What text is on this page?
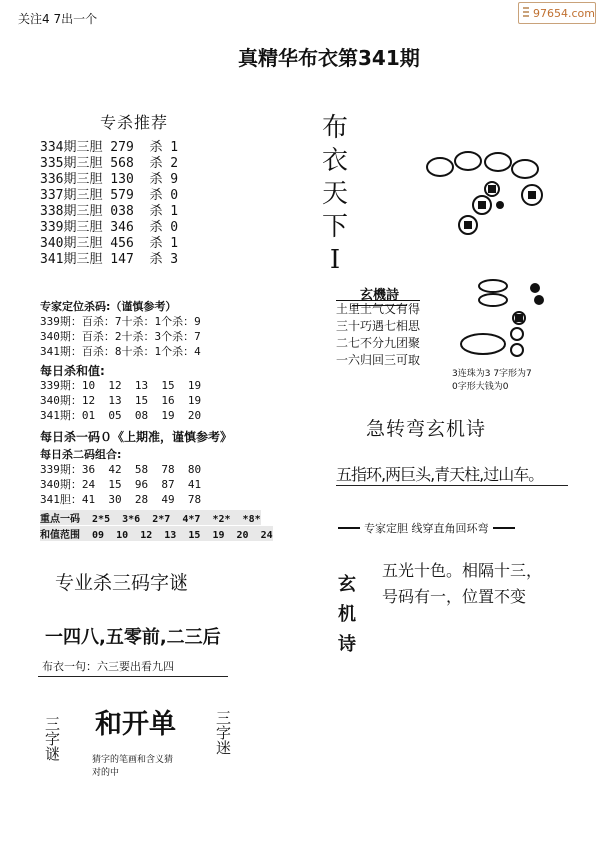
关注4 7出一个	97654.com
真精华布衣第341期
专杀推荐
334期三胆 279  杀 1
335期三胆 568  杀 2
336期三胆 130  杀 9
337期三胆 579  杀 0
338期三胆 038  杀 1
339期三胆 346  杀 0
340期三胆 456  杀 1
341期三胆 147  杀 3
专家定位杀码:（谨慎参考）
339期：百杀：7十杀：1个杀：9
340期：百杀：2十杀：3个杀：7
341期：百杀：8十杀：1个杀：4
每日杀和值:
339期：10  12  13  15  19
340期：12  13  15  16  19
341期：01  05  08  19  20
每日杀一码０《上期准，谨慎参考》
每日杀二码组合:
339期：36  42  58  78  80
340期：24  15  96  87  41
341胆：41  30  28  49  78
重点一码  2*5  3*6  2*7  4*7  *2*  *8*
和值范围  09  10  12  13  15  19  20  24
专业杀三码字谜
一四八,五零前,二三后
布衣一句：六三要出看九四
三字谜 和开单	三字迷
猜字的笔画和含义猜
对的中
布
衣
天
下
I
玄機詩
土里土气又有得
三十巧遇七相思
二七不分九团聚
一六归回三可取
3连珠为3 7字形为7
0字形大钱为0
急转弯玄机诗
五指环,两巨头,青天柱,过山车。
专家定胆 线穿直角回环弯
玄
机
诗
五光十色。相隔十三，
号码有一，位置不变
